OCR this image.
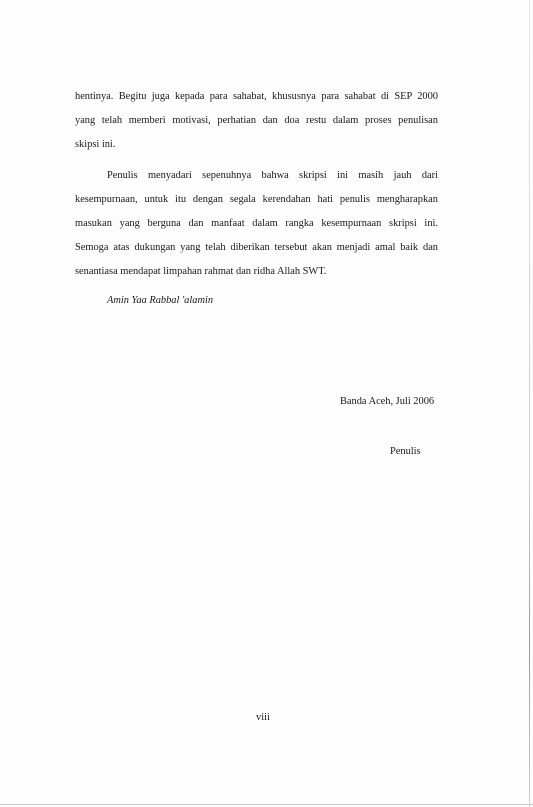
hentinya. Begitu juga kepada para sahabat, khususnya para sahabat di SEP 2000
yang telah memberi motivasi, perhatian dan doa restu dalam proses penulisan
skipsi ini.
Penulis menyadari sepenuhnya bahwa skripsi ini masih jauh dari
kesempurnaan, untuk itu dengan segala kerendahan hati penulis mengharapkan
masukan yang berguna dan manfaat dalam rangka kesempurnaan skripsi ini.
Semoga atas dukungan yang telah diberikan tersebut akan menjadi amal baik dan
senantiasa mendapat limpahan rahmat dan ridha Allah SWT.
Amin Yaa Rabbal 'alamin
Banda Aceh, Juli 2006
Penulis
viii
